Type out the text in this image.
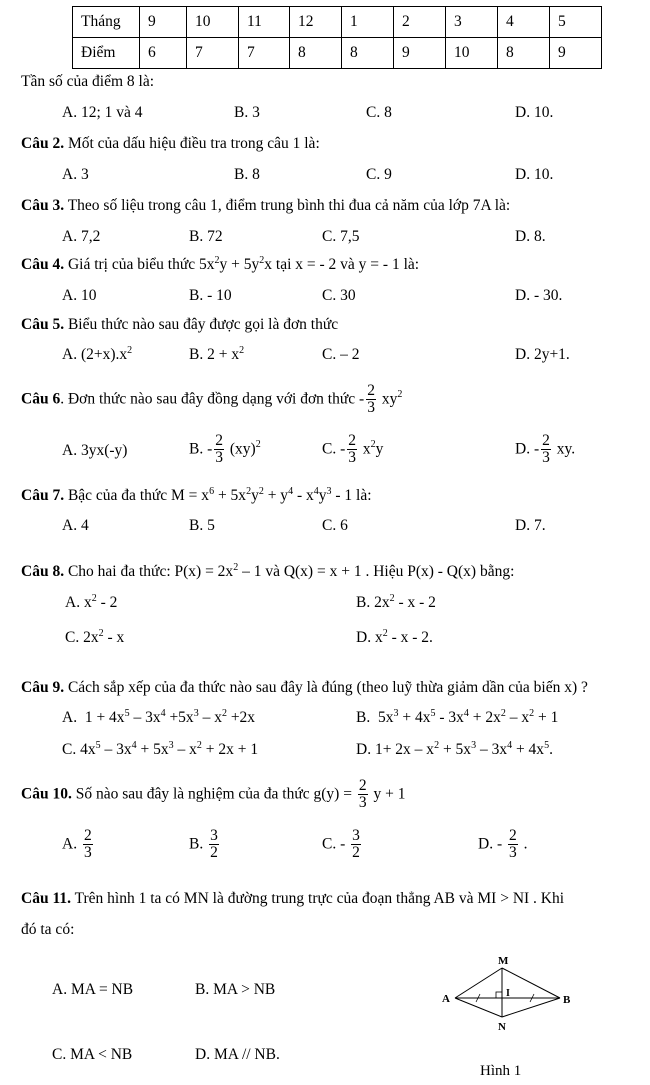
Tháng	9	10	11	12	1	2	3	4	5
Điểm	6	7	7	8	8	9	10	8	9
Tần số của điểm 8 là:
A. 12; 1 và 4	B. 3	C. 8	D. 10.
Câu 2. Mốt của dấu hiệu điều tra trong câu 1 là:
A. 3	B. 8	C. 9	D. 10.
Câu 3. Theo số liệu trong câu 1, điểm trung bình thi đua cả năm của lớp 7A là:
A. 7,2	B. 72	C. 7,5	D. 8.
Câu 4. Giá trị của biểu thức $5x^2y + 5y^2x$ tại x = - 2 và y = - 1 là:
A. 10	B. - 10	C. 30	D. - 30.
Câu 5. Biểu thức nào sau đây được gọi là đơn thức
A. $(2+x).x^2$	B. $2 + x^2$	C. – 2	D. 2y+1.
Câu 6. Đơn thức nào sau đây đồng dạng với đơn thức - $\frac{2}{3} xy^2$
A. 3yx(-y)	B. - $\frac{2}{3} (xy)^2$	C. - $\frac{2}{3} x^2y$	D. - $\frac{2}{3}$ xy.
Câu 7. Bậc của đa thức $M = x^6 + 5x^2y^2 + y^4 - x^4y^3 - 1$ là:
A. 4	B. 5	C. 6	D. 7.
Câu 8. Cho hai đa thức: $P(x) = 2x^2 - 1$ và Q(x) = x + 1 . Hiệu P(x) - Q(x) bằng:
A. $x^2 - 2$	B. $2x^2$ - x - 2
C. $2x^2$ - x	D. $x^2$ - x - 2.
Câu 9. Cách sắp xếp của đa thức nào sau đây là đúng (theo luỹ thừa giảm dần của biến x) ?
A.  $1 + 4x^5 - 3x^4 +5x^3 - x^2 +2x$	B.  $5x^3 + 4x^5 - 3x^4 + 2x^2 - x^2 + 1$
C. $4x^5 - 3x^4 + 5x^3 - x^2 + 2x + 1$	D. $1+ 2x - x^2 + 5x^3 - 3x^4 + 4x^5$.
Câu 10. Số nào sau đây là nghiệm của đa thức $g(y) = \frac{2}{3}$ y + 1
A. $\frac{2}{3}$	B. $\frac{3}{2}$	C. - $\frac{3}{2}$	D. - $\frac{2}{3}$ .
Câu 11. Trên hình 1 ta có MN là đường trung trực của đoạn thẳng AB và MI > NI . Khi
đó ta có:
A. MA = NB	B. MA > NB
C. MA < NB	D. MA // NB.
M
N
A	B
I
Hình 1
